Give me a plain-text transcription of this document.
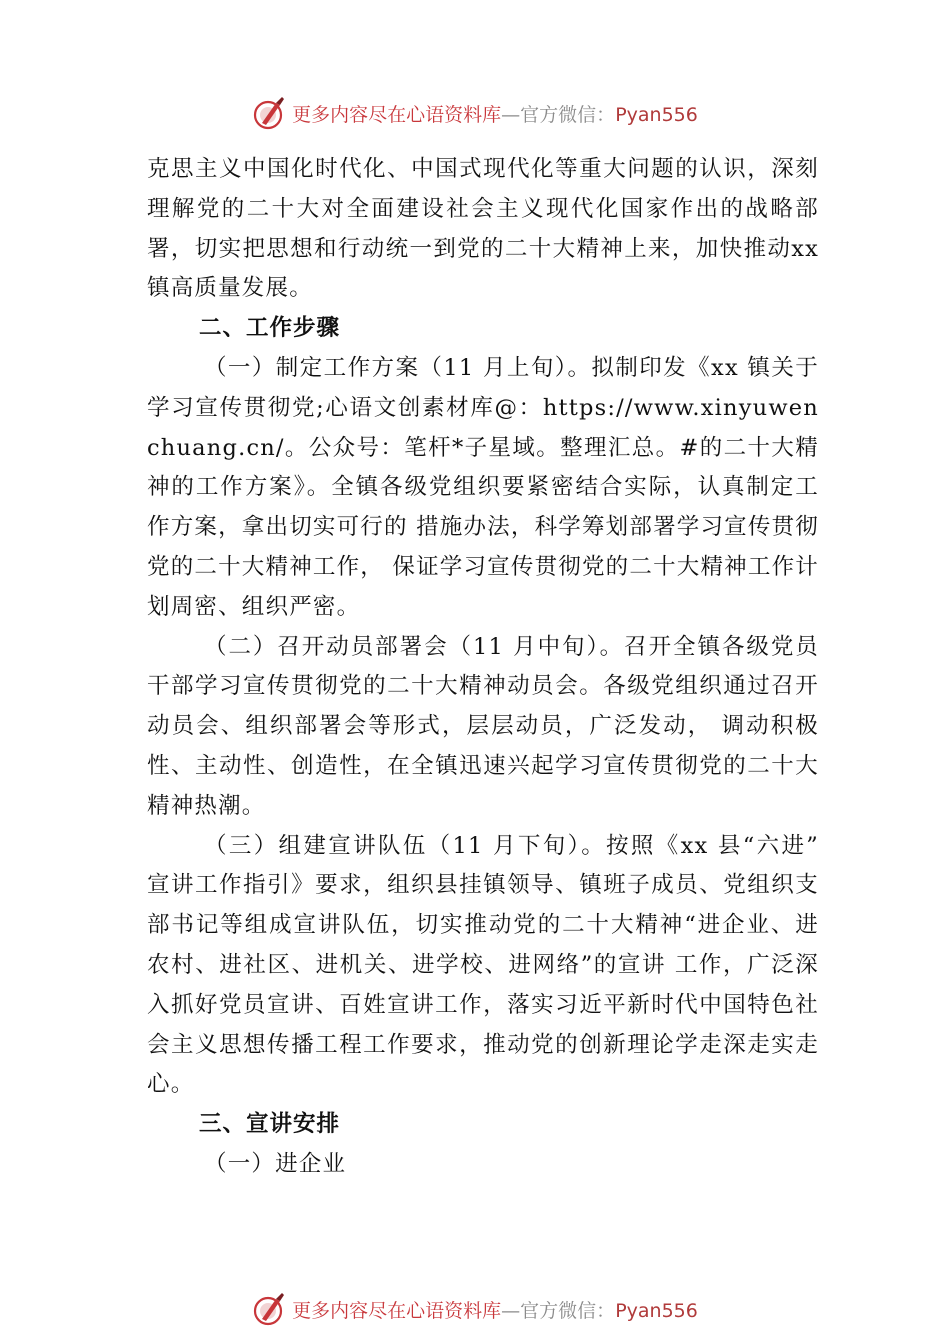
更多内容尽在心语资料库—官方微信：Pyan556

克思主义中国化时代化、中国式现代化等重大问题的认识，深刻理解党的二十大对全面建设社会主义现代化国家作出的战略部署，切实把思想和行动统一到党的二十大精神上来，加快推动xx镇高质量发展。

二、工作步骤

（一）制定工作方案（11 月上旬）。拟制印发《xx 镇关于学习宣传贯彻党;心语文创素材库@：https://www.xinyuwenchuang.cn/。公众号：笔杆*子星域。整理汇总。#的二十大精神的工作方案》。全镇各级党组织要紧密结合实际，认真制定工作方案，拿出切实可行的 措施办法，科学筹划部署学习宣传贯彻党的二十大精神工作， 保证学习宣传贯彻党的二十大精神工作计划周密、组织严密。

（二）召开动员部署会（11 月中旬）。召开全镇各级党员干部学习宣传贯彻党的二十大精神动员会。各级党组织通过召开动员会、组织部署会等形式，层层动员，广泛发动， 调动积极性、主动性、创造性，在全镇迅速兴起学习宣传贯彻党的二十大精神热潮。

（三）组建宣讲队伍（11 月下旬）。按照《xx 县“六进” 宣讲工作指引》要求，组织县挂镇领导、镇班子成员、党组织支部书记等组成宣讲队伍，切实推动党的二十大精神“进企业、进农村、进社区、进机关、进学校、进网络”的宣讲 工作，广泛深入抓好党员宣讲、百姓宣讲工作，落实习近平新时代中国特色社会主义思想传播工程工作要求，推动党的创新理论学走深走实走心。

三、宣讲安排

（一）进企业

更多内容尽在心语资料库—官方微信：Pyan556
